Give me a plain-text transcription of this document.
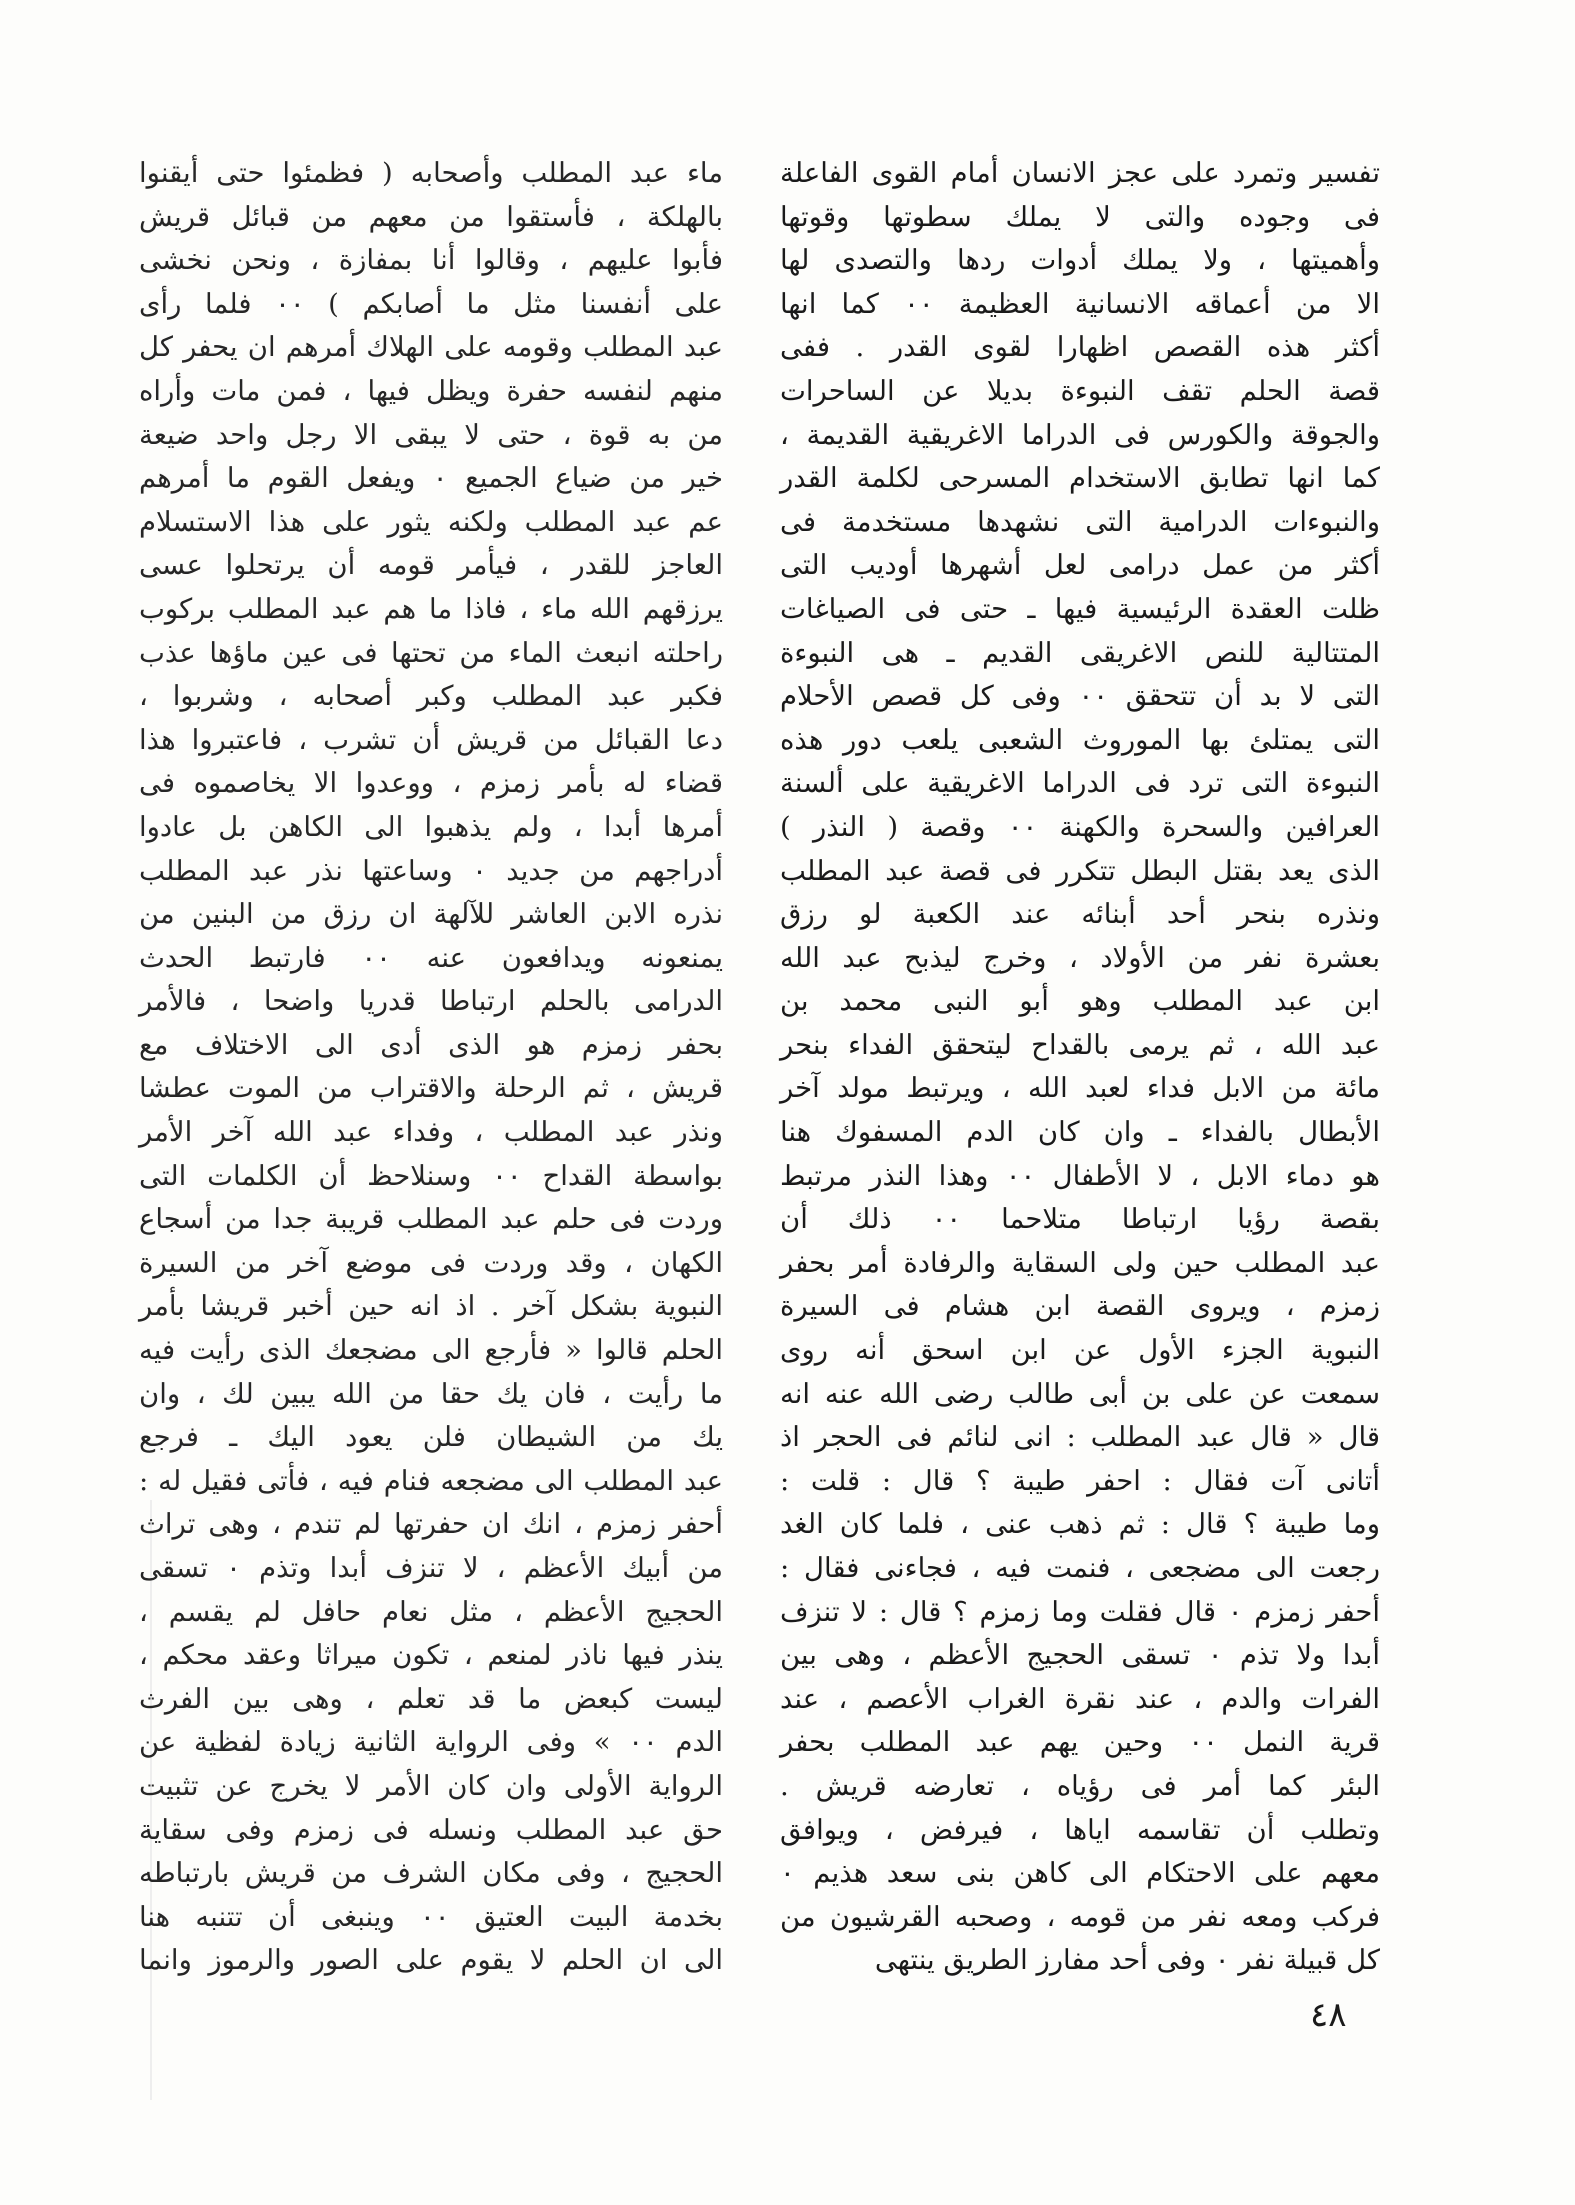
تفسير وتمرد على عجز الانسان أمام القوى الفاعلة
فى وجوده والتى لا يملك سطوتها وقوتها
وأهميتها ، ولا يملك أدوات ردها والتصدى لها
الا من أعماقه الانسانية العظيمة ٠٠ كما انها
أكثر هذه القصص اظهارا لقوى القدر . ففى
قصة الحلم تقف النبوءة بديلا عن الساحرات
والجوقة والكورس فى الدراما الاغريقية القديمة ،
كما انها تطابق الاستخدام المسرحى لكلمة القدر
والنبوءات الدرامية التى نشهدها مستخدمة فى
أكثر من عمل درامى لعل أشهرها أوديب التى
ظلت العقدة الرئيسية فيها ـ حتى فى الصياغات
المتتالية للنص الاغريقى القديم ـ هى النبوءة
التى لا بد أن تتحقق ٠٠ وفى كل قصص الأحلام
التى يمتلئ بها الموروث الشعبى يلعب دور هذه
النبوءة التى ترد فى الدراما الاغريقية على ألسنة
العرافين والسحرة والكهنة ٠٠ وقصة ( النذر )
الذى يعد بقتل البطل تتكرر فى قصة عبد المطلب
ونذره بنحر أحد أبنائه عند الكعبة لو رزق
بعشرة نفر من الأولاد ، وخرج ليذبح عبد الله
ابن عبد المطلب وهو أبو النبى محمد بن
عبد الله ، ثم يرمى بالقداح ليتحقق الفداء بنحر
مائة من الابل فداء لعبد الله ، ويرتبط مولد آخر
الأبطال بالفداء ـ وان كان الدم المسفوك هنا
هو دماء الابل ، لا الأطفال ٠٠ وهذا النذر مرتبط
بقصة رؤيا ارتباطا متلاحما ٠٠ ذلك أن
عبد المطلب حين ولى السقاية والرفادة أمر بحفر
زمزم ، ويروى القصة ابن هشام فى السيرة
النبوية الجزء الأول عن ابن اسحق أنه روى
سمعت عن على بن أبى طالب رضى الله عنه انه
قال « قال عبد المطلب : انى لنائم فى الحجر اذ
أتانى آت فقال : احفر طيبة ؟ قال : قلت :
وما طيبة ؟ قال : ثم ذهب عنى ، فلما كان الغد
رجعت الى مضجعى ، فنمت فيه ، فجاءنى فقال :
أحفر زمزم ٠ قال فقلت وما زمزم ؟ قال : لا تنزف
أبدا ولا تذم ٠ تسقى الحجيج الأعظم ، وهى بين
الفرات والدم ، عند نقرة الغراب الأعصم ، عند
قرية النمل ٠٠ وحين يهم عبد المطلب بحفر
البئر كما أمر فى رؤياه ، تعارضه قريش .
وتطلب أن تقاسمه اياها ، فيرفض ، ويوافق
معهم على الاحتكام الى كاهن بنى سعد هذيم ٠
فركب ومعه نفر من قومه ، وصحبه القرشيون من
كل قبيلة نفر ٠ وفى أحد مفارز الطريق ينتهى
ماء عبد المطلب وأصحابه ( فظمئوا حتى أيقنوا
بالهلكة ، فأستقوا من معهم من قبائل قريش
فأبوا عليهم ، وقالوا أنا بمفازة ، ونحن نخشى
على أنفسنا مثل ما أصابكم ) ٠٠ فلما رأى
عبد المطلب وقومه على الهلاك أمرهم ان يحفر كل
منهم لنفسه حفرة ويظل فيها ، فمن مات وأراه
من به قوة ، حتى لا يبقى الا رجل واحد ضيعة
خير من ضياع الجميع ٠ ويفعل القوم ما أمرهم
عم عبد المطلب ولكنه يثور على هذا الاستسلام
العاجز للقدر ، فيأمر قومه أن يرتحلوا عسى
يرزقهم الله ماء ، فاذا ما هم عبد المطلب بركوب
راحلته انبعث الماء من تحتها فى عين ماؤها عذب
فكبر عبد المطلب وكبر أصحابه ، وشربوا ،
دعا القبائل من قريش أن تشرب ، فاعتبروا هذا
قضاء له بأمر زمزم ، ووعدوا الا يخاصموه فى
أمرها أبدا ، ولم يذهبوا الى الكاهن بل عادوا
أدراجهم من جديد ٠ وساعتها نذر عبد المطلب
نذره الابن العاشر للآلهة ان رزق من البنين من
يمنعونه ويدافعون عنه ٠٠ فارتبط الحدث
الدرامى بالحلم ارتباطا قدريا واضحا ، فالأمر
بحفر زمزم هو الذى أدى الى الاختلاف مع
قريش ، ثم الرحلة والاقتراب من الموت عطشا
ونذر عبد المطلب ، وفداء عبد الله آخر الأمر
بواسطة القداح ٠٠ وسنلاحظ أن الكلمات التى
وردت فى حلم عبد المطلب قريبة جدا من أسجاع
الكهان ، وقد وردت فى موضع آخر من السيرة
النبوية بشكل آخر . اذ انه حين أخبر قريشا بأمر
الحلم قالوا « فأرجع الى مضجعك الذى رأيت فيه
ما رأيت ، فان يك حقا من الله يبين لك ، وان
يك من الشيطان فلن يعود اليك ـ فرجع
عبد المطلب الى مضجعه فنام فيه ، فأتى فقيل له :
أحفر زمزم ، انك ان حفرتها لم تندم ، وهى تراث
من أبيك الأعظم ، لا تنزف أبدا وتذم ٠ تسقى
الحجيج الأعظم ، مثل نعام حافل لم يقسم ،
ينذر فيها ناذر لمنعم ، تكون ميراثا وعقد محكم ،
ليست كبعض ما قد تعلم ، وهى بين الفرث
الدم ٠٠ » وفى الرواية الثانية زيادة لفظية عن
الرواية الأولى وان كان الأمر لا يخرج عن تثبيت
حق عبد المطلب ونسله فى زمزم وفى سقاية
الحجيج ، وفى مكان الشرف من قريش بارتباطه
بخدمة البيت العتيق ٠٠ وينبغى أن تتنبه هنا
الى ان الحلم لا يقوم على الصور والرموز وانما
٤٨
